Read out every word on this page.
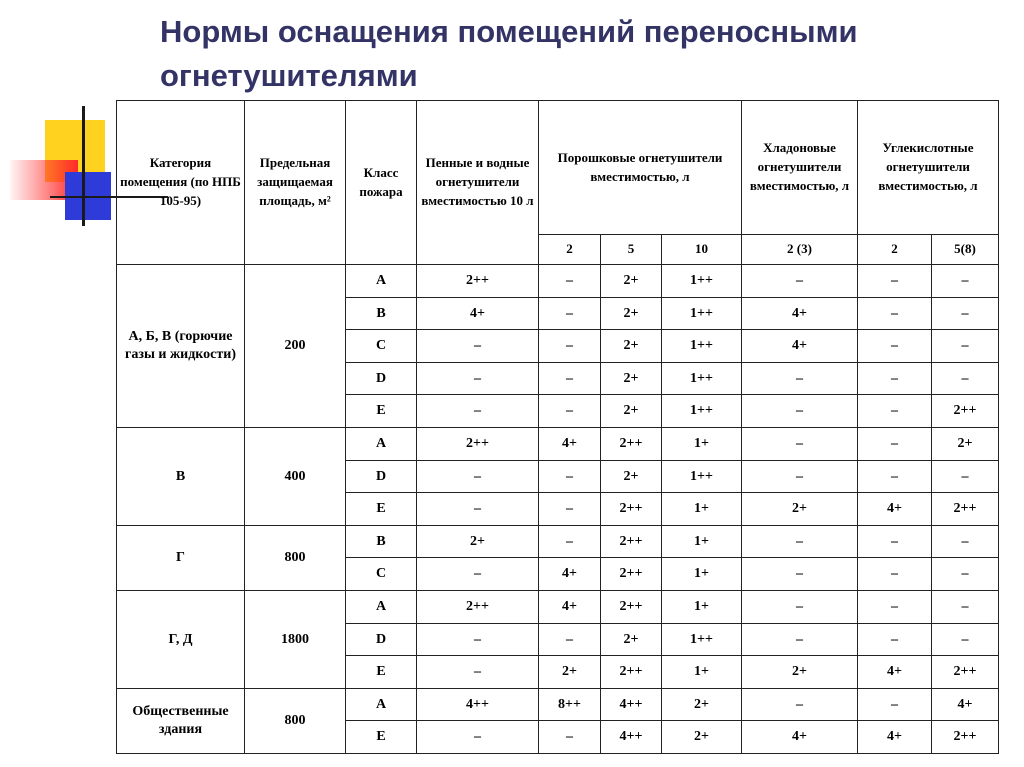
Нормы оснащения помещений переносными огнетушителями
Категория помещения (по НПБ 105-95)	Предельная защищаемая площадь, м²	Класс пожара	Пенные и водные огнетушители вместимостью 10 л	Порошковые огнетушители вместимостью, л			Хладоновые огнетушители вместимостью, л	Углекислотные огнетушители вместимостью, л	
				2	5	10	2 (3)	2	5(8)
А, Б, В (горючие газы и жидкости)	200	А	2++	–	2+	1++	–	–	–
		В	4+	–	2+	1++	4+	–	–
		С	–	–	2+	1++	4+	–	–
		D	–	–	2+	1++	–	–	–
		Е	–	–	2+	1++	–	–	2++
В	400	А	2++	4+	2++	1+	–	–	2+
		D	–	–	2+	1++	–	–	–
		Е	–	–	2++	1+	2+	4+	2++
Г	800	В	2+	–	2++	1+	–	–	–
		С	–	4+	2++	1+	–	–	–
Г, Д	1800	А	2++	4+	2++	1+	–	–	–
		D	–	–	2+	1++	–	–	–
		Е	–	2+	2++	1+	2+	4+	2++
Общественные здания	800	А	4++	8++	4++	2+	–	–	4+
		Е	–	–	4++	2+	4+	4+	2++
